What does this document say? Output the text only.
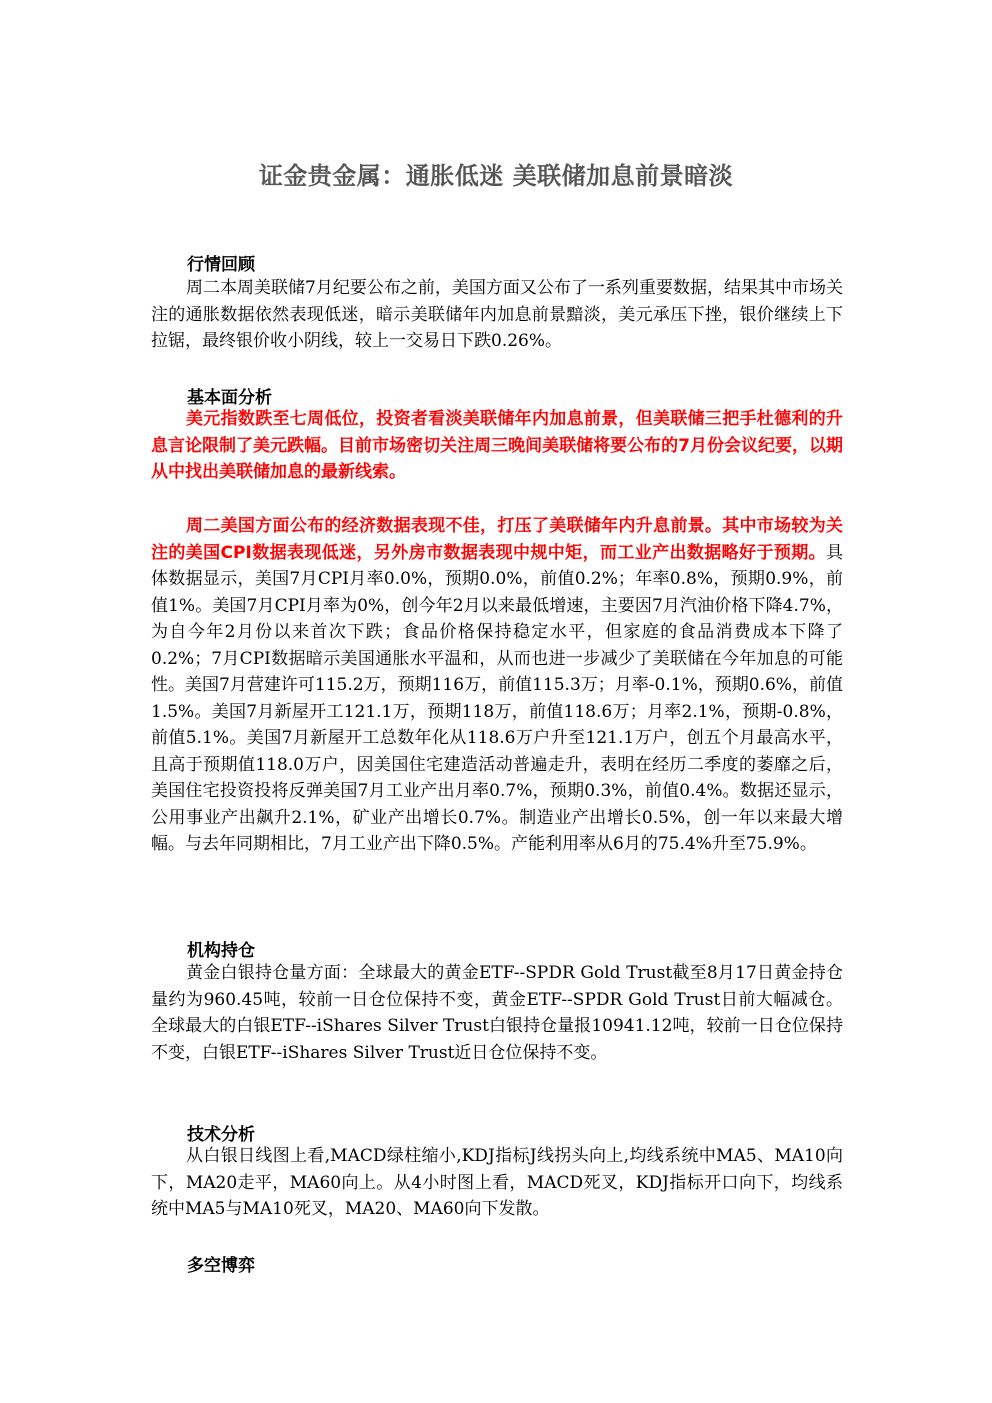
证金贵金属：通胀低迷 美联储加息前景暗淡
行情回顾

周二本周美联储7月纪要公布之前，美国方面又公布了一系列重要数据，结果其中市场关注的通胀数据依然表现低迷，暗示美联储年内加息前景黯淡，美元承压下挫，银价继续上下拉锯，最终银价收小阴线，较上一交易日下跌0.26%。

基本面分析

美元指数跌至七周低位，投资者看淡美联储年内加息前景，但美联储三把手杜德利的升息言论限制了美元跌幅。目前市场密切关注周三晚间美联储将要公布的7月份会议纪要，以期从中找出美联储加息的最新线索。

周二美国方面公布的经济数据表现不佳，打压了美联储年内升息前景。其中市场较为关注的美国CPI数据表现低迷，另外房市数据表现中规中矩，而工业产出数据略好于预期。具体数据显示，美国7月CPI月率0.0%，预期0.0%，前值0.2%；年率0.8%，预期0.9%，前值1%。美国7月CPI月率为0%，创今年2月以来最低增速，主要因7月汽油价格下降4.7%，为自今年2月份以来首次下跌；食品价格保持稳定水平，但家庭的食品消费成本下降了0.2%；7月CPI数据暗示美国通胀水平温和，从而也进一步减少了美联储在今年加息的可能性。美国7月营建许可115.2万，预期116万，前值115.3万；月率-0.1%，预期0.6%，前值1.5%。美国7月新屋开工121.1万，预期118万，前值118.6万；月率2.1%，预期-0.8%，前值5.1%。美国7月新屋开工总数年化从118.6万户升至121.1万户，创五个月最高水平，且高于预期值118.0万户，因美国住宅建造活动普遍走升，表明在经历二季度的萎靡之后，美国住宅投资投将反弹美国7月工业产出月率0.7%，预期0.3%，前值0.4%。数据还显示，公用事业产出飙升2.1%，矿业产出增长0.7%。制造业产出增长0.5%，创一年以来最大增幅。与去年同期相比，7月工业产出下降0.5%。产能利用率从6月的75.4%升至75.9%。

机构持仓

黄金白银持仓量方面：全球最大的黄金ETF--SPDR Gold Trust截至8月17日黄金持仓量约为960.45吨，较前一日仓位保持不变，黄金ETF--SPDR Gold Trust日前大幅减仓。全球最大的白银ETF--iShares Silver Trust白银持仓量报10941.12吨，较前一日仓位保持不变，白银ETF--iShares Silver Trust近日仓位保持不变。

技术分析

从白银日线图上看,MACD绿柱缩小,KDJ指标J线拐头向上,均线系统中MA5、MA10向下，MA20走平，MA60向上。从4小时图上看，MACD死叉，KDJ指标开口向下，均线系统中MA5与MA10死叉，MA20、MA60向下发散。

多空博弈
